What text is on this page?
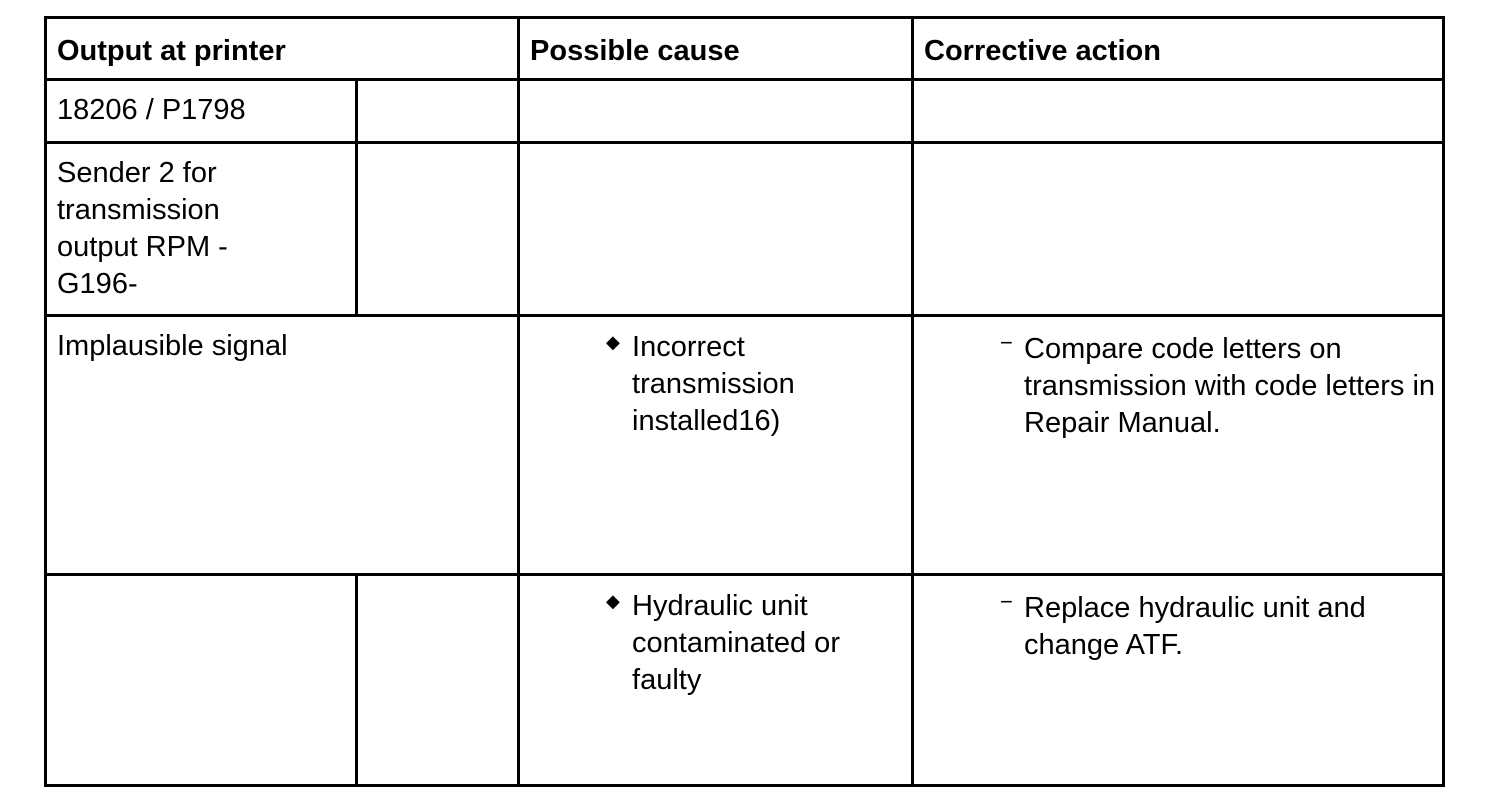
Output at printer		Possible cause	Corrective action
18206 / P1798			

Sender 2 for transmission output RPM -G196-			

Implausible signal		◆ Incorrect transmission installed16)	− Compare code letters on transmission with code letters in Repair Manual.

		◆ Hydraulic unit contaminated or faulty	− Replace hydraulic unit and change ATF.
